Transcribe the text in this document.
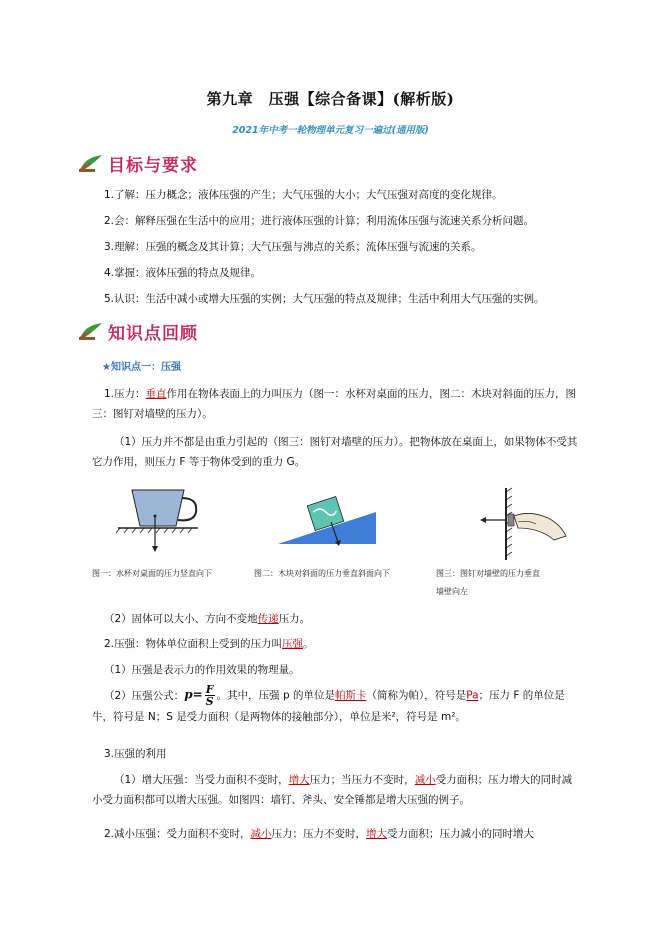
第九章　压强【综合备课】(解析版)
2021年中考一轮物理单元复习一遍过(通用版)
目标与要求
1.了解：压力概念；液体压强的产生；大气压强的大小；大气压强对高度的变化规律。
2.会：解释压强在生活中的应用；进行液体压强的计算；利用流体压强与流速关系分析问题。
3.理解：压强的概念及其计算；大气压强与沸点的关系；流体压强与流速的关系。
4.掌握：液体压强的特点及规律。
5.认识：生活中减小或增大压强的实例；大气压强的特点及规律；生活中利用大气压强的实例。
知识点回顾
★知识点一：压强
1.压力：垂直作用在物体表面上的力叫压力（图一：水杯对桌面的压力，图二：木块对斜面的压力，图三：图钉对墙壁的压力）。
（1）压力并不都是由重力引起的（图三：图钉对墙壁的压力）。把物体放在桌面上，如果物体不受其它力作用，则压力 F 等于物体受到的重力 G。
图一：水杯对桌面的压力竖直向下	图二：木块对斜面的压力垂直斜面向下	图三：图钉对墙壁的压力垂直
墙壁向左
（2）固体可以大小、方向不变地传递压力。
2.压强：物体单位面积上受到的压力叫压强。
（1）压强是表示力的作用效果的物理量。
（2）压强公式：$p= \frac{F}{S}$ 。其中，压强 p 的单位是帕斯卡（简称为帕），符号是Pa；压力 F 的单位是牛，符号是 N；S 是受力面积（是两物体的接触部分），单位是米²，符号是 m²。
3.压强的利用
（1）增大压强：当受力面积不变时，增大压力；当压力不变时，减小受力面积；压力增大的同时减小受力面积都可以增大压强。如图四：墙钉、斧头、安全锤都是增大压强的例子。
2.减小压强：受力面积不变时，减小压力；压力不变时，增大受力面积；压力减小的同时增大
